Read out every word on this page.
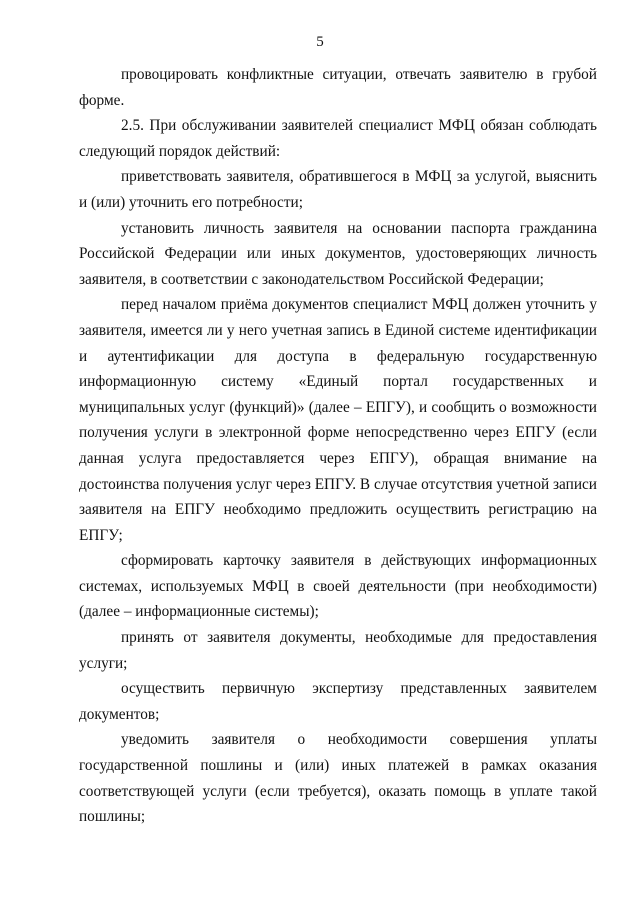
5

провоцировать конфликтные ситуации, отвечать заявителю в грубой форме.

2.5. При обслуживании заявителей специалист МФЦ обязан соблюдать следующий порядок действий:

приветствовать заявителя, обратившегося в МФЦ за услугой, выяснить и (или) уточнить его потребности;

установить личность заявителя на основании паспорта гражданина Российской Федерации или иных документов, удостоверяющих личность заявителя, в соответствии с законодательством Российской Федерации;

перед началом приёма документов специалист МФЦ должен уточнить у заявителя, имеется ли у него учетная запись в Единой системе идентификации и аутентификации для доступа в федеральную государственную информационную систему «Единый портал государственных и муниципальных услуг (функций)» (далее – ЕПГУ), и сообщить о возможности получения услуги в электронной форме непосредственно через ЕПГУ (если данная услуга предоставляется через ЕПГУ), обращая внимание на достоинства получения услуг через ЕПГУ. В случае отсутствия учетной записи заявителя на ЕПГУ необходимо предложить осуществить регистрацию на ЕПГУ;

сформировать карточку заявителя в действующих информационных системах, используемых МФЦ в своей деятельности (при необходимости) (далее – информационные системы);

принять от заявителя документы, необходимые для предоставления услуги;

осуществить первичную экспертизу представленных заявителем документов;

уведомить заявителя о необходимости совершения уплаты государственной пошлины и (или) иных платежей в рамках оказания соответствующей услуги (если требуется), оказать помощь в уплате такой пошлины;
